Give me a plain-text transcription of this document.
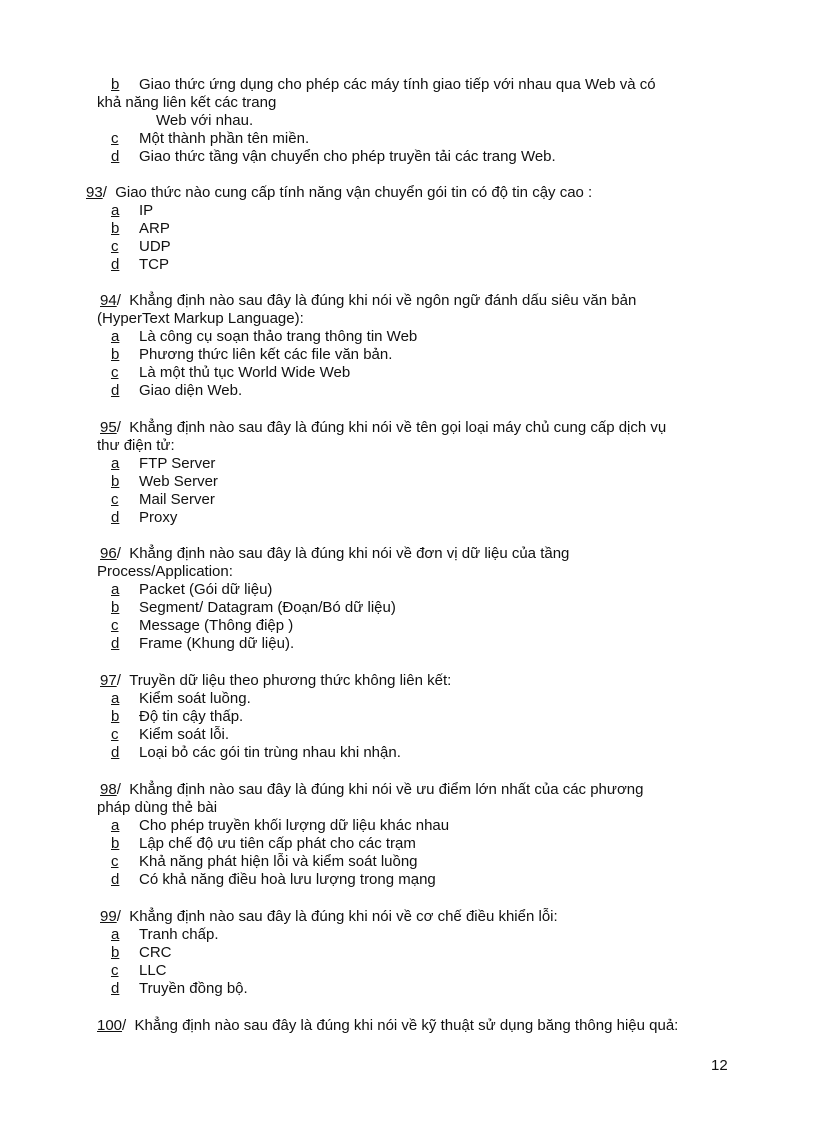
b Giao thức ứng dụng cho phép các máy tính giao tiếp với nhau qua Web và có
khả năng liên kết các trang
Web với nhau.
c Một thành phần tên miền.
d Giao thức tầng vận chuyển cho phép truyền tải các trang Web.
93/  Giao thức nào cung cấp tính năng vận chuyển gói tin có độ tin cậy cao :
a IP
b ARP
c UDP
d TCP
94/  Khẳng định nào sau đây là đúng khi nói về ngôn ngữ đánh dấu siêu văn bản
(HyperText Markup Language):
a Là công cụ soạn thảo trang thông tin Web
b Phương thức liên kết các file văn bản.
c Là một thủ tục World Wide Web
d Giao diện Web.
95/  Khẳng định nào sau đây là đúng khi nói về tên gọi loại máy chủ cung cấp dịch vụ
thư điện tử:
a FTP Server
b Web Server
c Mail Server
d Proxy
96/  Khẳng định nào sau đây là đúng khi nói về đơn vị dữ liệu của tầng
Process/Application:
a Packet (Gói dữ liệu)
b Segment/ Datagram (Đoạn/Bó dữ liệu)
c Message (Thông điệp )
d Frame (Khung dữ liệu).
97/  Truyền dữ liệu theo phương thức không liên kết:
a Kiểm soát luồng.
b Độ tin cậy thấp.
c Kiểm soát lỗi.
d Loại bỏ các gói tin trùng nhau khi nhận.
98/  Khẳng định nào sau đây là đúng khi nói về ưu điểm lớn nhất của các phương
pháp dùng thẻ bài
a Cho phép truyền khối lượng dữ liệu khác nhau
b Lập chế độ ưu tiên cấp phát cho các trạm
c Khả năng phát hiện lỗi và kiểm soát luồng
d Có khả năng điều hoà lưu lượng trong mạng
99/  Khẳng định nào sau đây là đúng khi nói về cơ chế điều khiển lỗi:
a Tranh chấp.
b CRC
c LLC
d Truyền đồng bộ.
100/  Khẳng định nào sau đây là đúng khi nói về kỹ thuật sử dụng băng thông hiệu quả:
12
